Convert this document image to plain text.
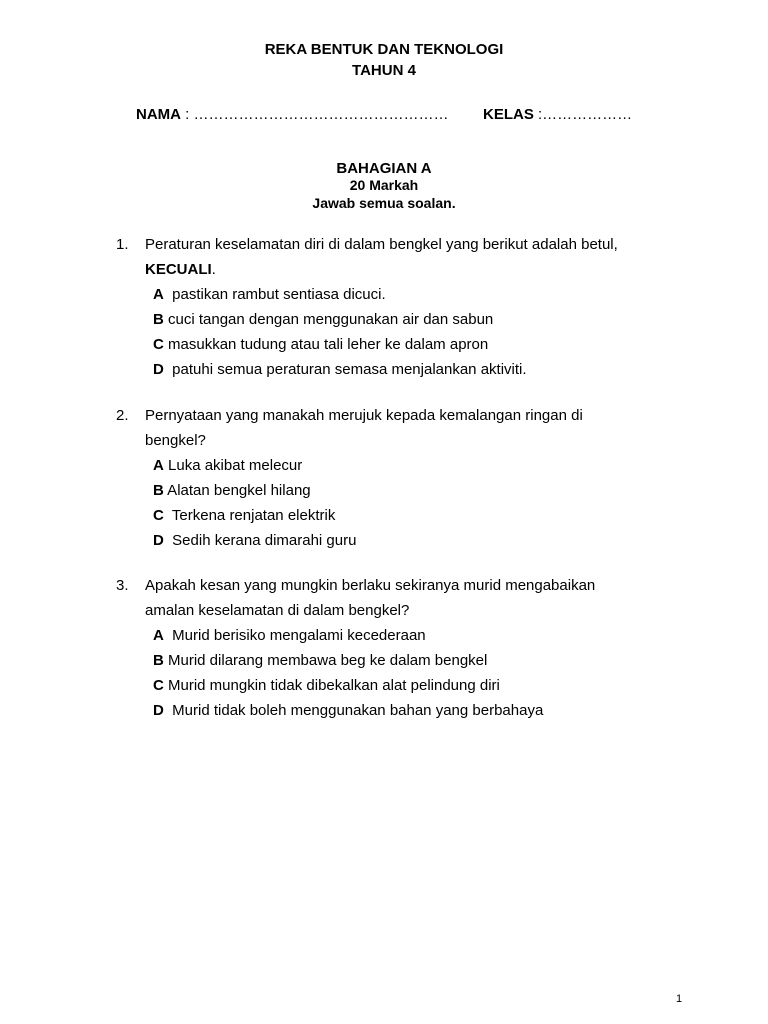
REKA BENTUK DAN TEKNOLOGI
TAHUN 4
NAMA : …………………………………………… KELAS :………………
BAHAGIAN A
20 Markah
Jawab semua soalan.
1. Peraturan keselamatan diri di dalam bengkel yang berikut adalah betul,
KECUALI.
A  pastikan rambut sentiasa dicuci.
B cuci tangan dengan menggunakan air dan sabun
C masukkan tudung atau tali leher ke dalam apron
D  patuhi semua peraturan semasa menjalankan aktiviti.
2. Pernyataan yang manakah merujuk kepada kemalangan ringan di bengkel?
A Luka akibat melecur
B Alatan bengkel hilang
C  Terkena renjatan elektrik
D  Sedih kerana dimarahi guru
3. Apakah kesan yang mungkin berlaku sekiranya murid mengabaikan amalan keselamatan di dalam bengkel?
A  Murid berisiko mengalami kecederaan
B Murid dilarang membawa beg ke dalam bengkel
C Murid mungkin tidak dibekalkan alat pelindung diri
D  Murid tidak boleh menggunakan bahan yang berbahaya
1
